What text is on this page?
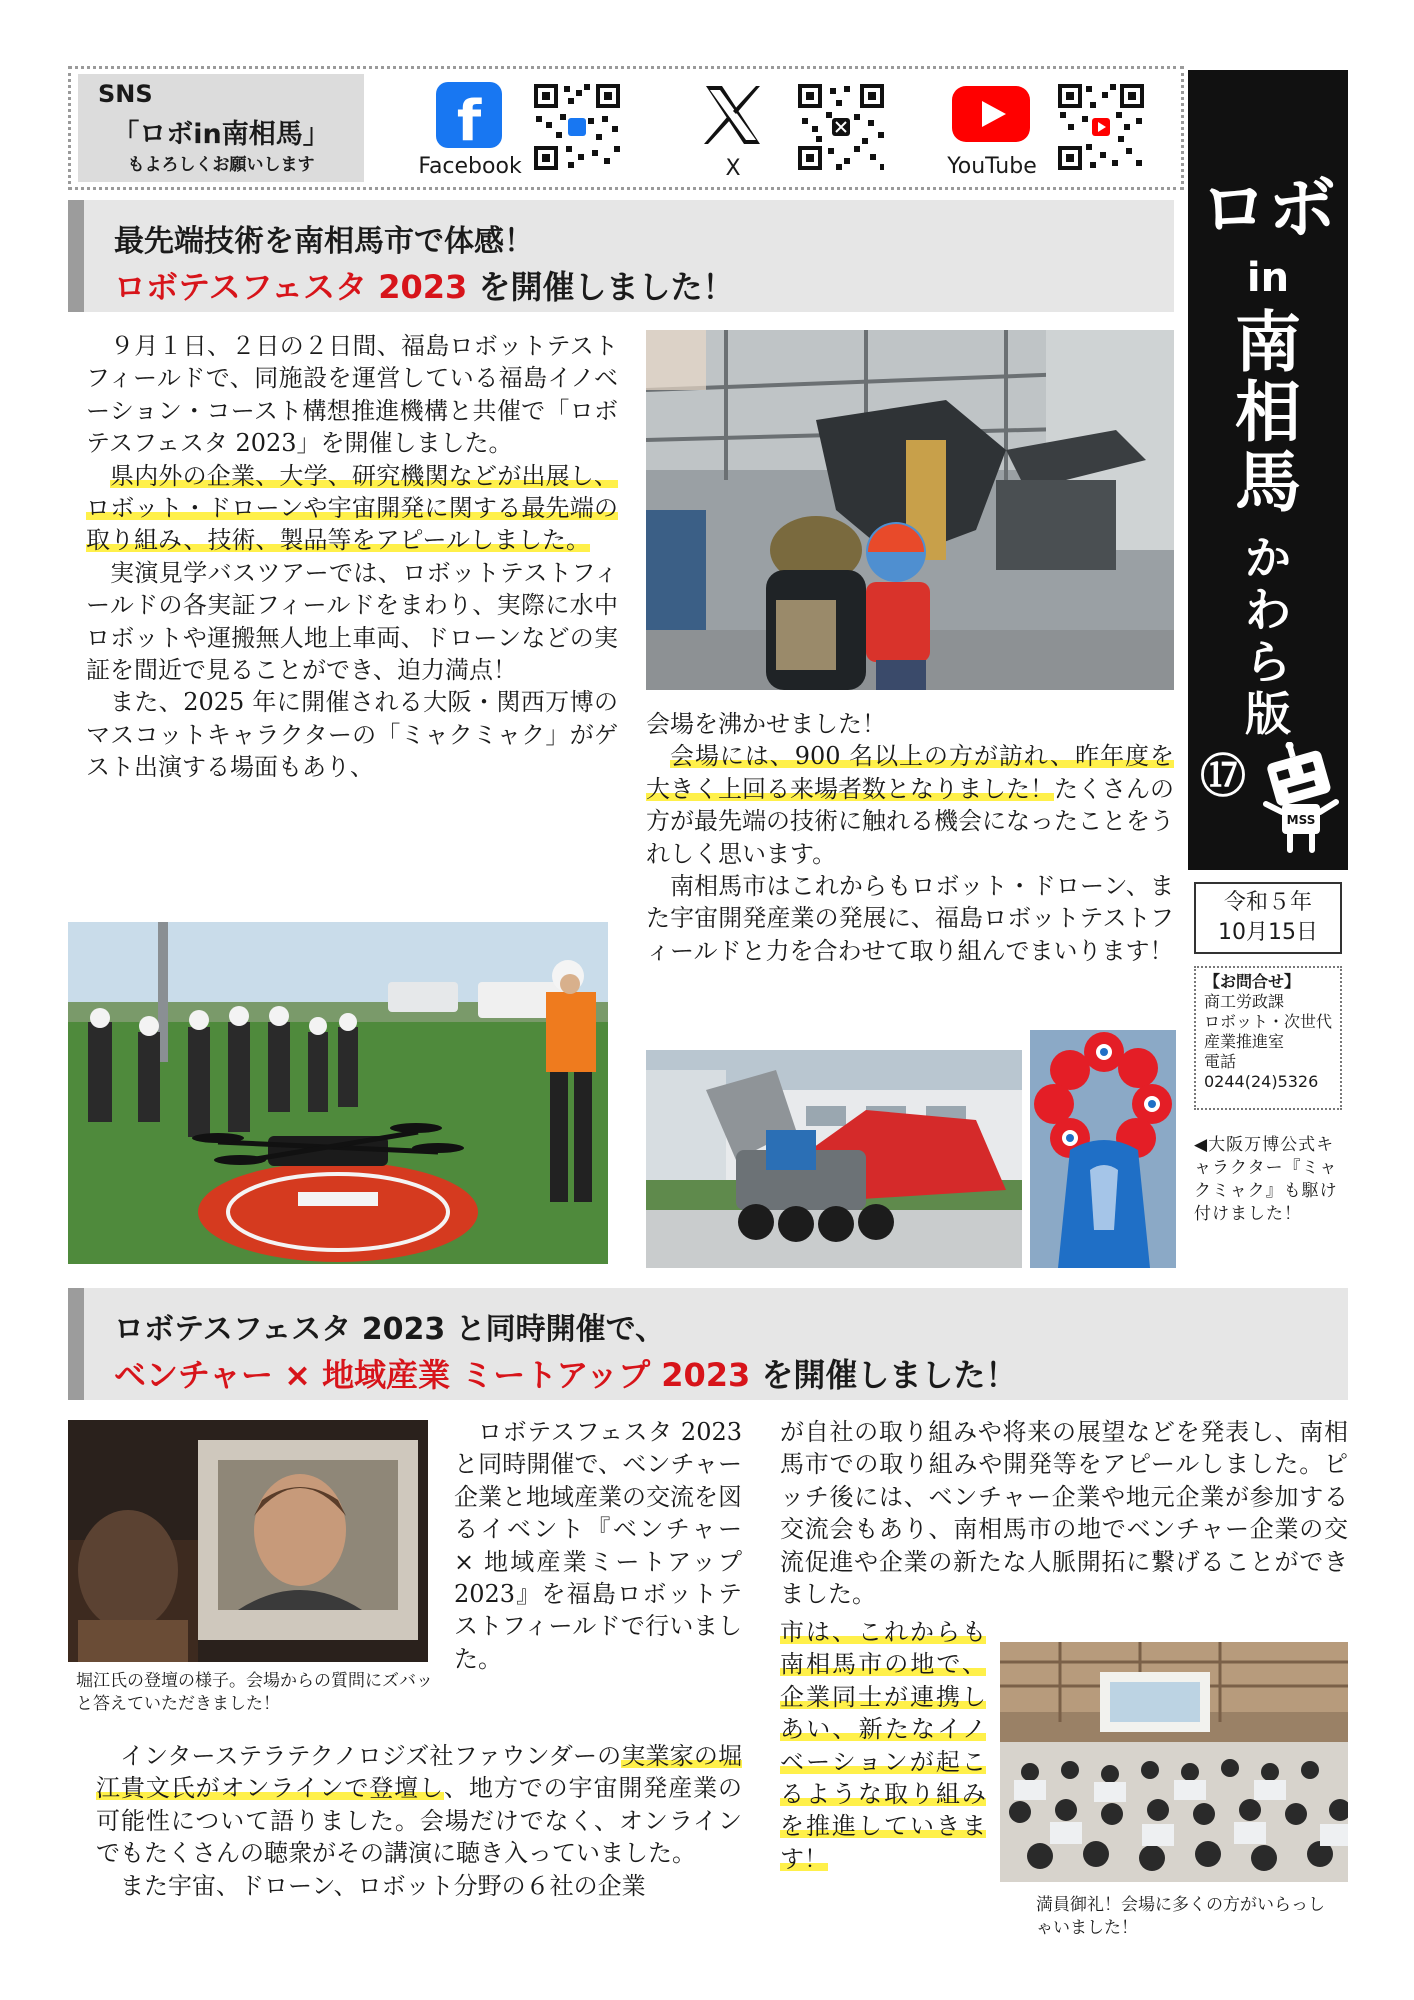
SNS
「ロボin南相馬」
もよろしくお願いします
f
Facebook	X	YouTube
ロボ
in
南相馬
かわら版
⑰
MSS
令和５年
10月15日
【お問合せ】
商工労政課
ロボット・次世代
産業推進室
電話
0244(24)5326
◀大阪万博公式キャラクター『ミャクミャク』も駆け付けました！
最先端技術を南相馬市で体感！
ロボテスフェスタ 2023 を開催しました！

９月１日、２日の２日間、福島ロボットテストフィールドで、同施設を運営している福島イノベーション・コースト構想推進機構と共催で「ロボテスフェスタ 2023」を開催しました。

県内外の企業、大学、研究機関などが出展し、ロボット・ドローンや宇宙開発に関する最先端の取り組み、技術、製品等をアピールしました。

実演見学バスツアーでは、ロボットテストフィールドの各実証フィールドをまわり、実際に水中ロボットや運搬無人地上車両、ドローンなどの実証を間近で見ることができ、迫力満点！

また、2025 年に開催される大阪・関西万博のマスコットキャラクターの「ミャクミャク」がゲスト出演する場面もあり、

会場を沸かせました！

会場には、900 名以上の方が訪れ、昨年度を大きく上回る来場者数となりました！たくさんの方が最先端の技術に触れる機会になったことをうれしく思います。

南相馬市はこれからもロボット・ドローン、また宇宙開発産業の発展に、福島ロボットテストフィールドと力を合わせて取り組んでまいります！

ロボテスフェスタ 2023 と同時開催で、
ベンチャー × 地域産業 ミートアップ 2023 を開催しました！
堀江氏の登壇の様子。会場からの質問にズバッと答えていただきました！

ロボテスフェスタ 2023 と同時開催で、ベンチャー企業と地域産業の交流を図るイベント『ベンチャー × 地域産業ミートアップ 2023』を福島ロボットテストフィールドで行いました。

インターステラテクノロジズ社ファウンダーの実業家の堀江貴文氏がオンラインで登壇し、地方での宇宙開発産業の可能性について語りました。会場だけでなく、オンラインでもたくさんの聴衆がその講演に聴き入っていました。

また宇宙、ドローン、ロボット分野の６社の企業

が自社の取り組みや将来の展望などを発表し、南相馬市での取り組みや開発等をアピールしました。ピッチ後には、ベンチャー企業や地元企業が参加する交流会もあり、南相馬市の地でベンチャー企業の交流促進や企業の新たな人脈開拓に繋げることができました。

市は、これからも南相馬市の地で、企業同士が連携しあい、新たなイノベーションが起こるような取り組みを推進していきます！

満員御礼！会場に多くの方がいらっしゃいました！
